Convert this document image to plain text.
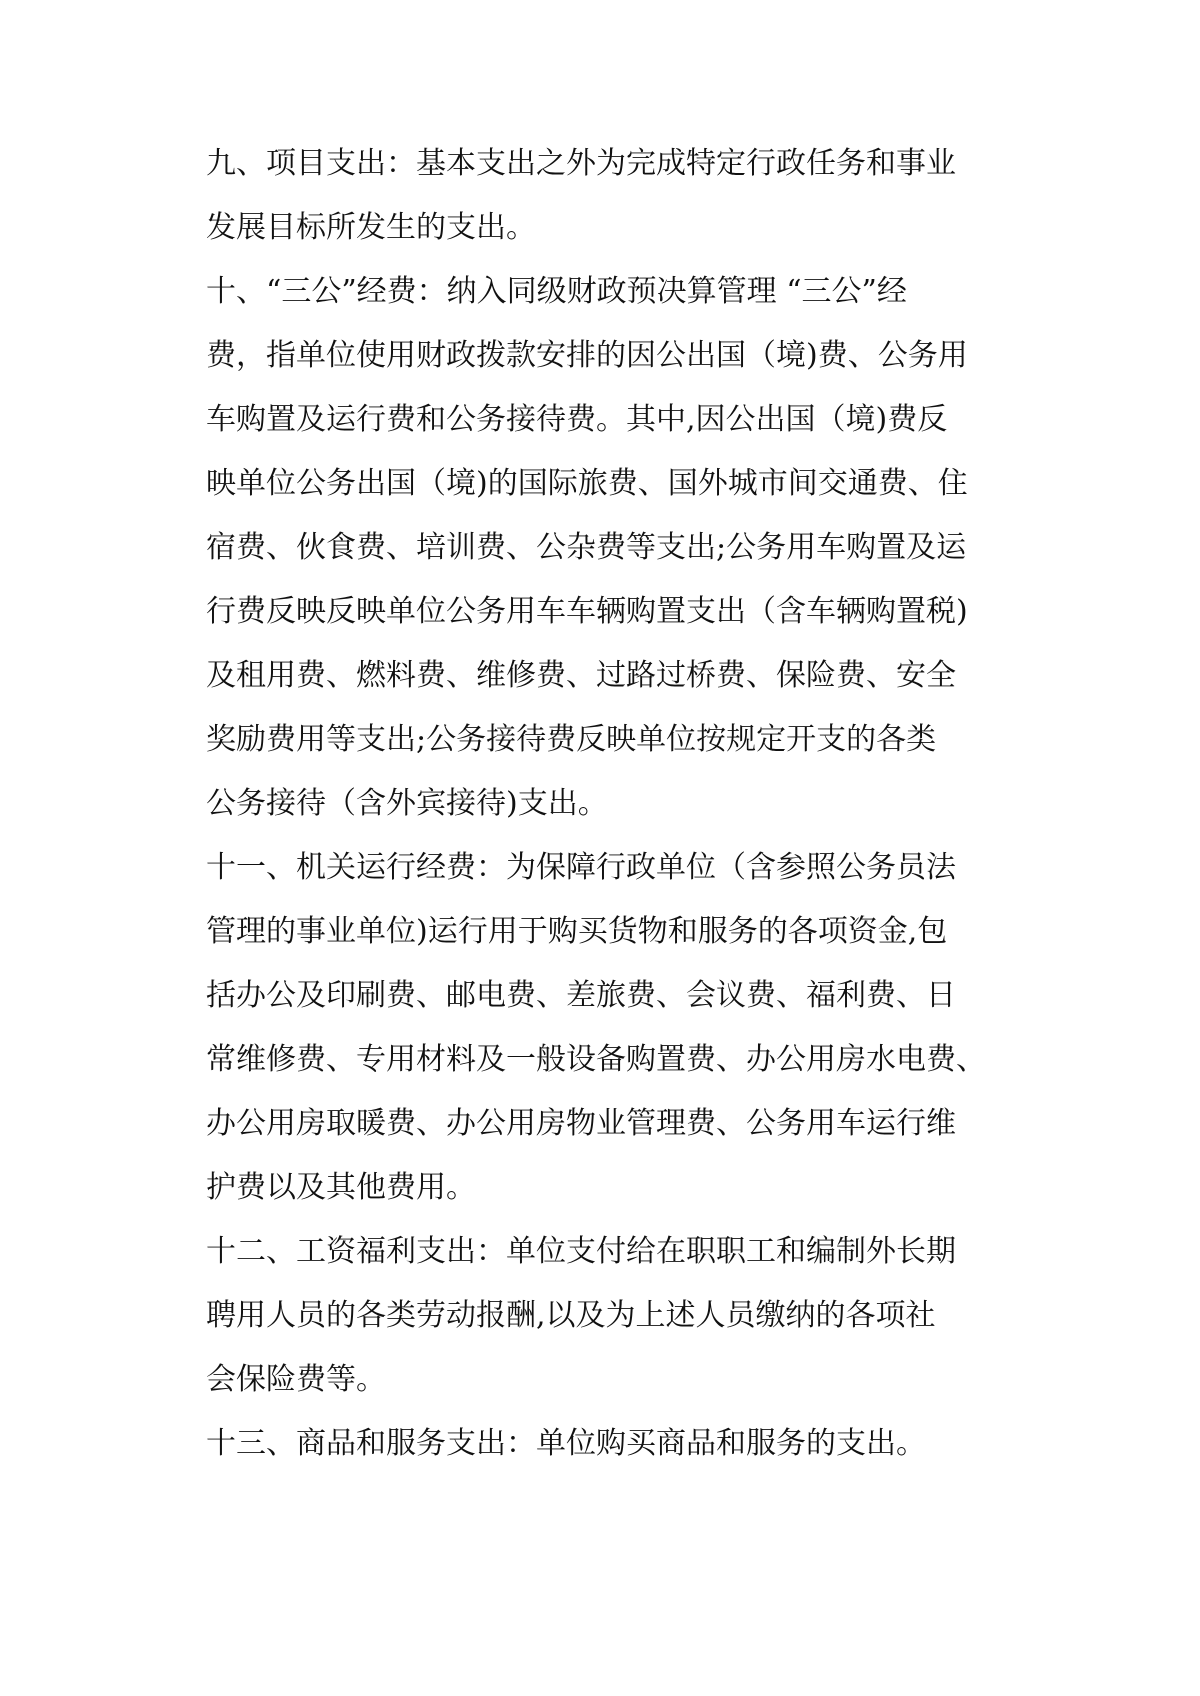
九、项目支出：基本支出之外为完成特定行政任务和事业
发展目标所发生的支出。
十、“三公”经费：纳入同级财政预决算管理 “三公”经
费，指单位使用财政拨款安排的因公出国（境)费、公务用
车购置及运行费和公务接待费。其中,因公出国（境)费反
映单位公务出国（境)的国际旅费、国外城市间交通费、住
宿费、伙食费、培训费、公杂费等支出;公务用车购置及运
行费反映反映单位公务用车车辆购置支出（含车辆购置税)
及租用费、燃料费、维修费、过路过桥费、保险费、安全
奖励费用等支出;公务接待费反映单位按规定开支的各类
公务接待（含外宾接待)支出。
十一、机关运行经费：为保障行政单位（含参照公务员法
管理的事业单位)运行用于购买货物和服务的各项资金,包
括办公及印刷费、邮电费、差旅费、会议费、福利费、日
常维修费、专用材料及一般设备购置费、办公用房水电费、
办公用房取暖费、办公用房物业管理费、公务用车运行维
护费以及其他费用。
十二、工资福利支出：单位支付给在职职工和编制外长期
聘用人员的各类劳动报酬,以及为上述人员缴纳的各项社
会保险费等。
十三、商品和服务支出：单位购买商品和服务的支出。
